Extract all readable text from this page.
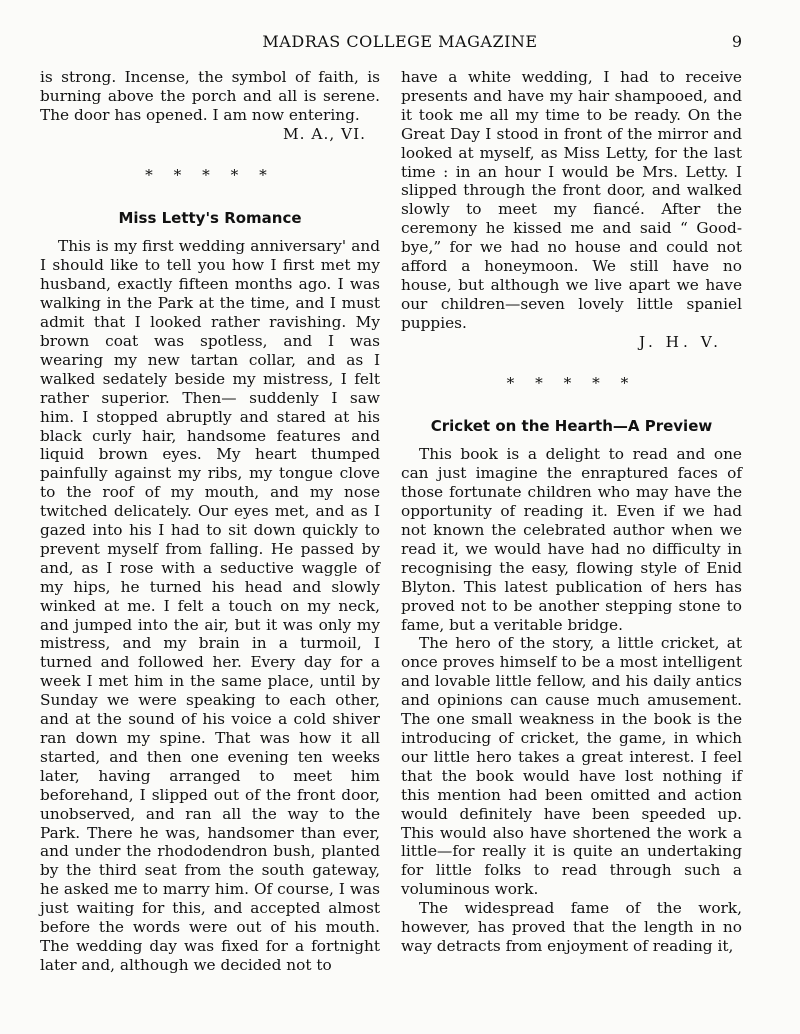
MADRAS COLLEGE MAGAZINE	9

is strong. Incense, the symbol of faith, is burning above the porch and all is serene. The door has opened. I am now entering.

M. A., VI.

* * * * *
Miss Letty's Romance

This is my first wedding anniversary' and I should like to tell you how I first met my husband, exactly fifteen months ago. I was walking in the Park at the time, and I must admit that I looked rather ravishing. My brown coat was spotless, and I was wearing my new tartan collar, and as I walked sedately beside my mistress, I felt rather superior. Then— suddenly I saw him. I stopped abruptly and stared at his black curly hair, handsome features and liquid brown eyes. My heart thumped painfully against my ribs, my tongue clove to the roof of my mouth, and my nose twitched delicately. Our eyes met, and as I gazed into his I had to sit down quickly to prevent myself from falling. He passed by and, as I rose with a seductive waggle of my hips, he turned his head and slowly winked at me. I felt a touch on my neck, and jumped into the air, but it was only my mistress, and my brain in a turmoil, I turned and followed her. Every day for a week I met him in the same place, until by Sunday we were speaking to each other, and at the sound of his voice a cold shiver ran down my spine. That was how it all started, and then one evening ten weeks later, having arranged to meet him beforehand, I slipped out of the front door, unobserved, and ran all the way to the Park. There he was, handsomer than ever, and under the rhododendron bush, planted by the third seat from the south gateway, he asked me to marry him. Of course, I was just waiting for this, and accepted almost before the words were out of his mouth. The wedding day was fixed for a fortnight later and, although we decided not to

have a white wedding, I had to receive presents and have my hair shampooed, and it took me all my time to be ready. On the Great Day I stood in front of the mirror and looked at myself, as Miss Letty, for the last time : in an hour I would be Mrs. Letty. I slipped through the front door, and walked slowly to meet my fiancé. After the ceremony he kissed me and said “ Good-bye,” for we had no house and could not afford a honeymoon. We still have no house, but although we live apart we have our children—seven lovely little spaniel puppies.

J. H. V.

* * * * *
Cricket on the Hearth—A Preview

This book is a delight to read and one can just imagine the enraptured faces of those fortunate children who may have the opportunity of reading it. Even if we had not known the celebrated author when we read it, we would have had no difficulty in recognising the easy, flowing style of Enid Blyton. This latest publication of hers has proved not to be another stepping stone to fame, but a veritable bridge.

The hero of the story, a little cricket, at once proves himself to be a most intelligent and lovable little fellow, and his daily antics and opinions can cause much amusement. The one small weakness in the book is the introducing of cricket, the game, in which our little hero takes a great interest. I feel that the book would have lost nothing if this mention had been omitted and action would definitely have been speeded up. This would also have shortened the work a little—for really it is quite an undertaking for little folks to read through such a voluminous work.

The widespread fame of the work, however, has proved that the length in no way detracts from enjoyment of reading it,
